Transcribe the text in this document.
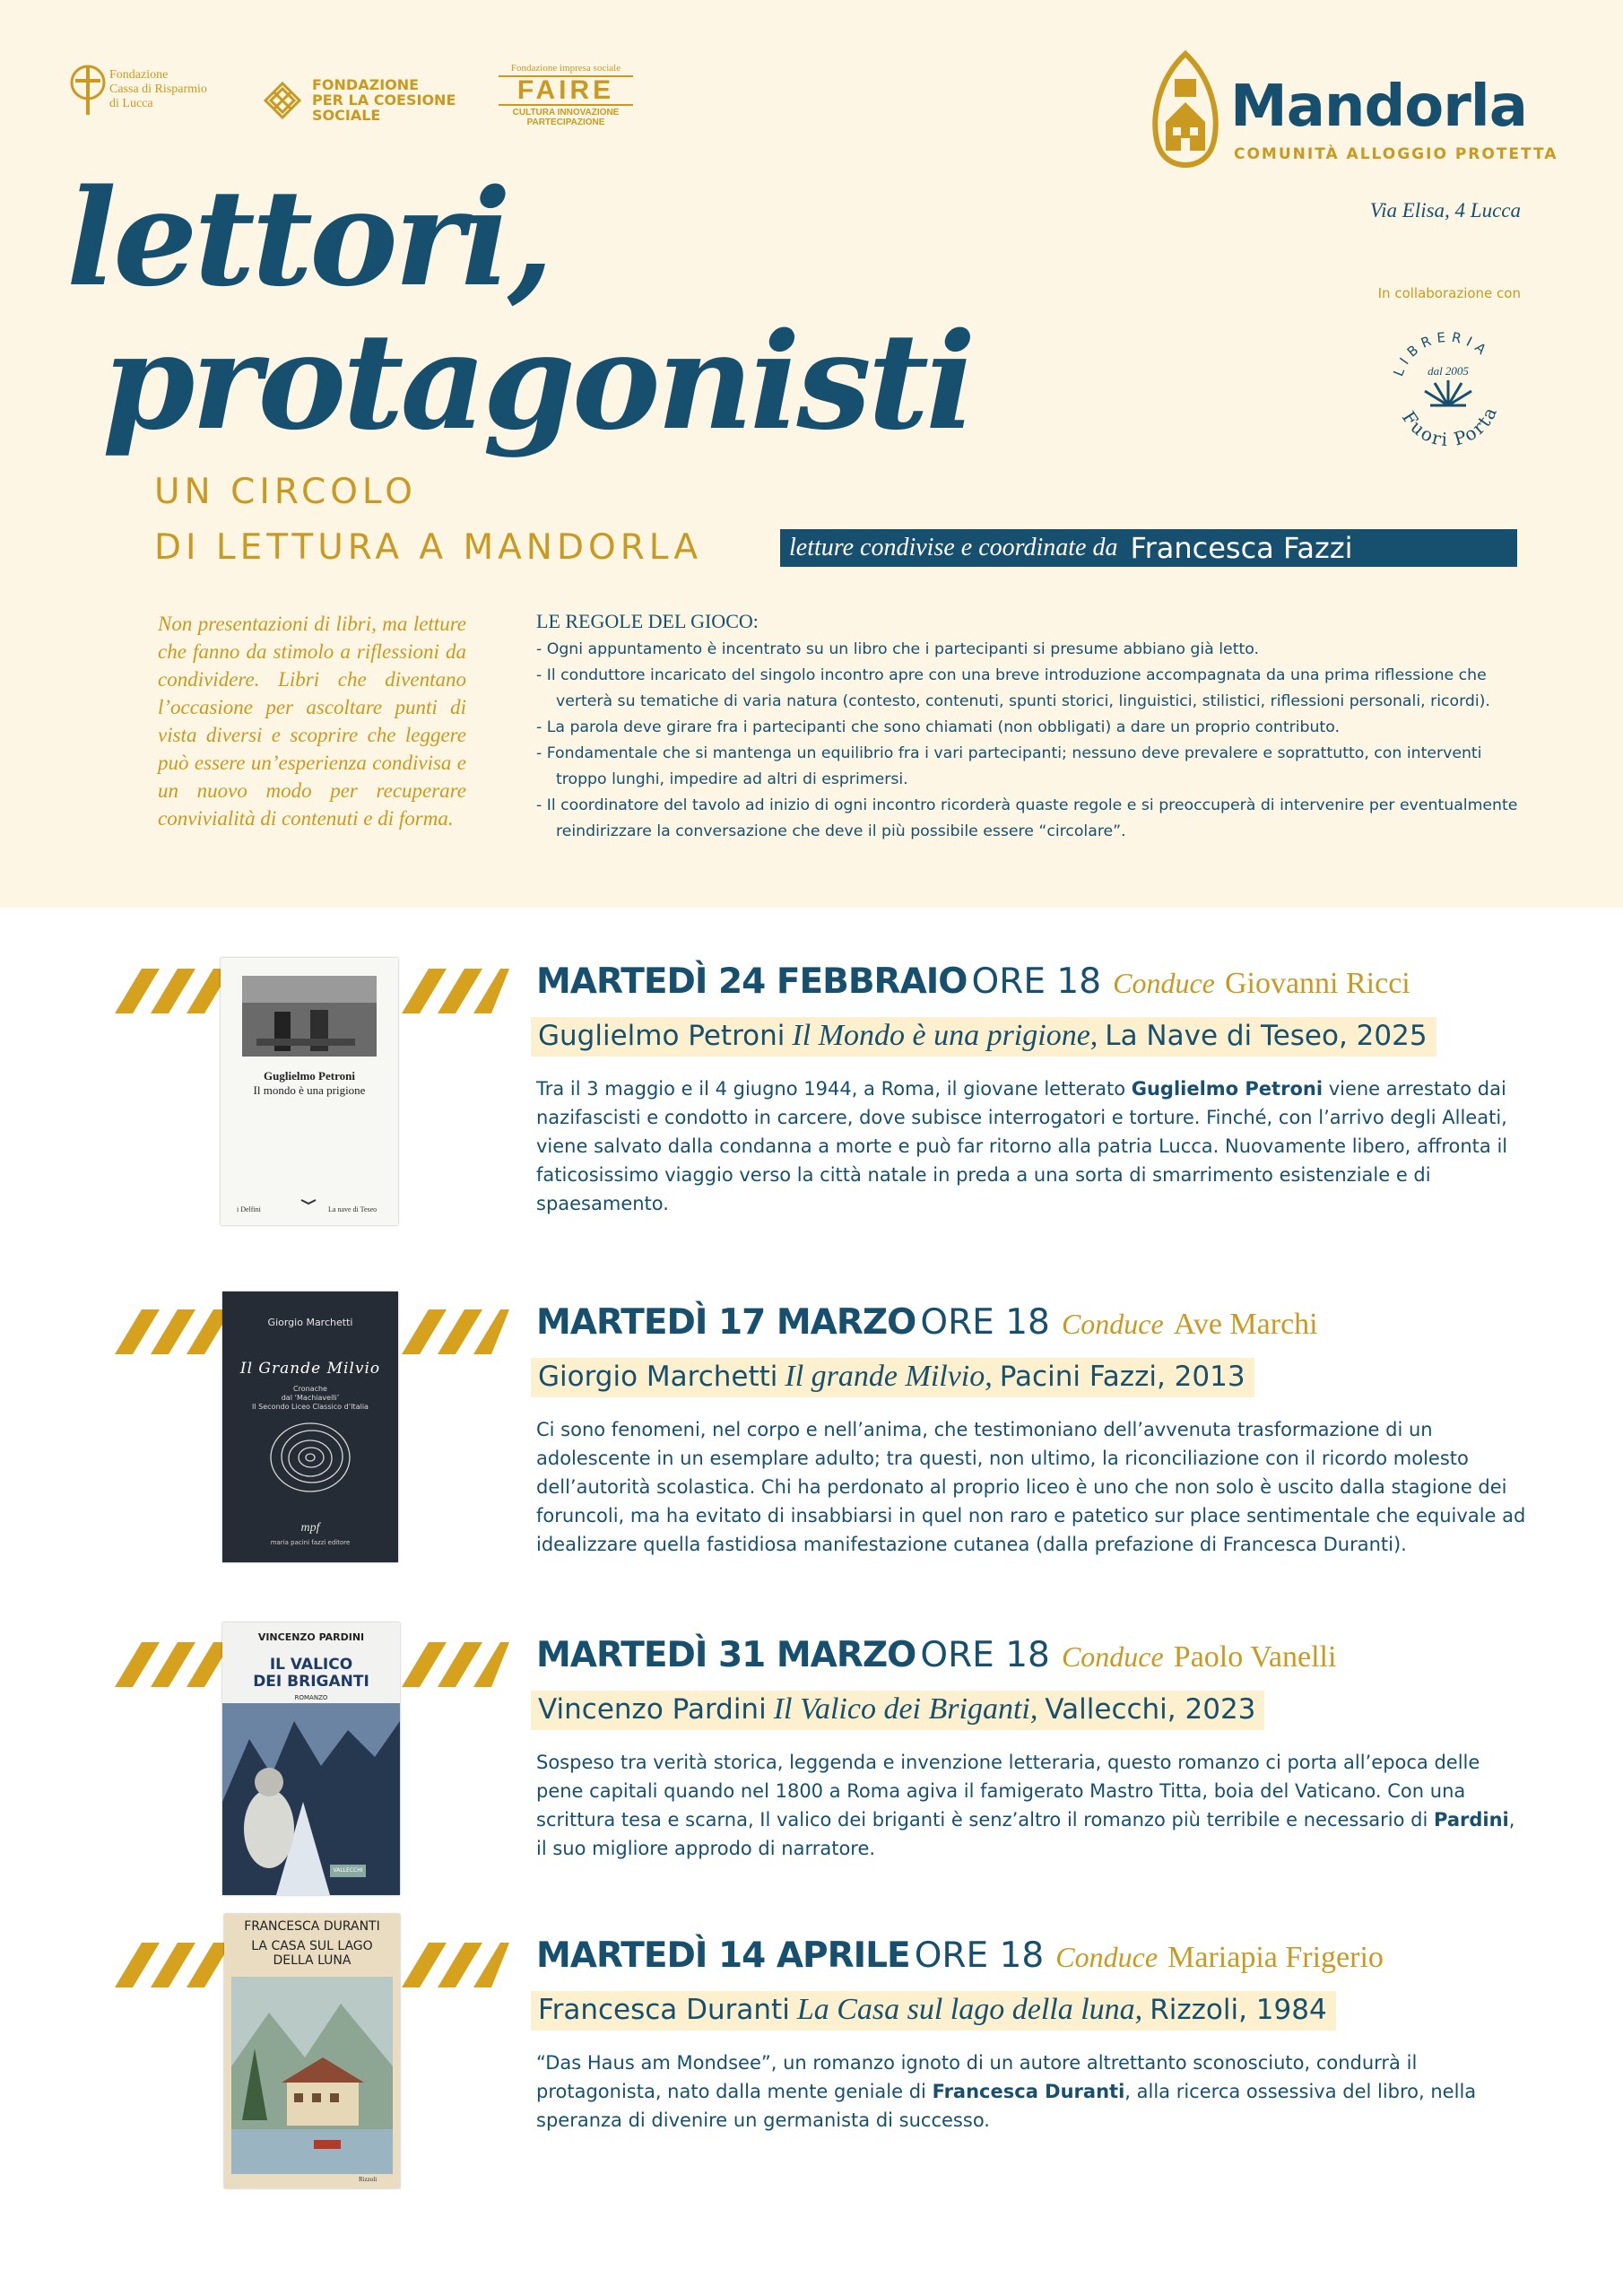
Fondazione
Cassa di Risparmio
di Lucca
FONDAZIONE
PER LA COESIONE
SOCIALE
Fondazione impresa sociale
FAIRE
CULTURA INNOVAZIONE
PARTECIPAZIONE	Mandorla
COMUNITÀ ALLOGGIO PROTETTA
Via Elisa, 4 Lucca
In collaborazione con
LIBRERIA
dal 2005
Fuori Porta
lettori,
protagonisti
UN CIRCOLO
DI LETTURA A MANDORLA	letture condivise e coordinate da Francesca Fazzi
Non presentazioni di libri, ma letture che fanno da stimolo a riflessioni da condividere. Libri che diventano l’occasione per ascoltare punti di vista diversi e scoprire che leggere può essere un’esperienza condivisa e un nuovo modo per recuperare convivialità di contenuti e di forma.
LE REGOLE DEL GIOCO:
- Ogni appuntamento è incentrato su un libro che i partecipanti si presume abbiano già letto.
- Il conduttore incaricato del singolo incontro apre con una breve introduzione accompagnata da una prima riflessione che verterà su tematiche di varia natura (contesto, contenuti, spunti storici, linguistici, stilistici, riflessioni personali, ricordi).
- La parola deve girare fra i partecipanti che sono chiamati (non obbligati) a dare un proprio contributo.
- Fondamentale che si mantenga un equilibrio fra i vari partecipanti; nessuno deve prevalere e soprattutto, con interventi troppo lunghi, impedire ad altri di esprimersi.
- Il coordinatore del tavolo ad inizio di ogni incontro ricorderà quaste regole e si preoccuperà di intervenire per eventualmente reindirizzare la conversazione che deve il più possibile essere “circolare”.
Guglielmo Petroni
Il mondo è una prigione
i Delfini	La nave di Teseo
MARTEDÌ 24 FEBBRAIO ORE 18 Conduce Giovanni Ricci
Guglielmo Petroni Il Mondo è una prigione, La Nave di Teseo, 2025
Tra il 3 maggio e il 4 giugno 1944, a Roma, il giovane letterato Guglielmo Petroni viene arrestato dai nazifascisti e condotto in carcere, dove subisce interrogatori e torture. Finché, con l’arrivo degli Alleati, viene salvato dalla condanna a morte e può far ritorno alla patria Lucca. Nuovamente libero, affronta il faticosissimo viaggio verso la città natale in preda a una sorta di smarrimento esistenziale e di spaesamento.
Giorgio Marchetti
Il Grande Milvio
Cronache
dal ‘Machiavelli’
Il Secondo Liceo Classico d’Italia
mpf
maria pacini fazzi editore
MARTEDÌ 17 MARZO ORE 18 Conduce Ave Marchi
Giorgio Marchetti Il grande Milvio, Pacini Fazzi, 2013
Ci sono fenomeni, nel corpo e nell’anima, che testimoniano dell’avvenuta trasformazione di un adolescente in un esemplare adulto; tra questi, non ultimo, la riconciliazione con il ricordo molesto dell’autorità scolastica. Chi ha perdonato al proprio liceo è uno che non solo è uscito dalla stagione dei foruncoli, ma ha evitato di insabbiarsi in quel non raro e patetico sur place sentimentale che equivale ad idealizzare quella fastidiosa manifestazione cutanea (dalla prefazione di Francesca Duranti).
VINCENZO PARDINI
IL VALICO
DEI BRIGANTI
ROMANZO
VALLECCHI
MARTEDÌ 31 MARZO ORE 18 Conduce Paolo Vanelli
Vincenzo Pardini Il Valico dei Briganti, Vallecchi, 2023
Sospeso tra verità storica, leggenda e invenzione letteraria, questo romanzo ci porta all’epoca delle pene capitali quando nel 1800 a Roma agiva il famigerato Mastro Titta, boia del Vaticano. Con una scrittura tesa e scarna, Il valico dei briganti è senz’altro il romanzo più terribile e necessario di Pardini, il suo migliore approdo di narratore.
FRANCESCA DURANTI
LA CASA SUL LAGO
DELLA LUNA
Rizzoli
MARTEDÌ 14 APRILE ORE 18 Conduce Mariapia Frigerio
Francesca Duranti La Casa sul lago della luna, Rizzoli, 1984
“Das Haus am Mondsee”, un romanzo ignoto di un autore altrettanto sconosciuto, condurrà il protagonista, nato dalla mente geniale di Francesca Duranti, alla ricerca ossessiva del libro, nella speranza di divenire un germanista di successo.
